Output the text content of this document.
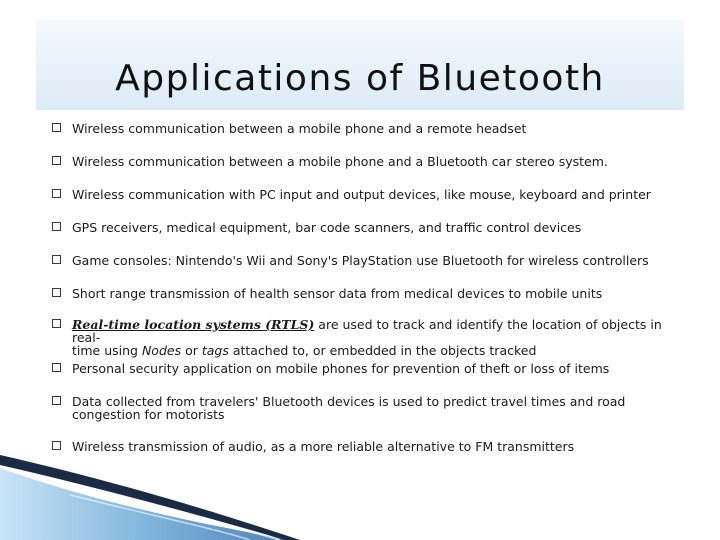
Applications of Bluetooth
Wireless communication between a mobile phone and a remote headset
Wireless communication between a mobile phone and a Bluetooth car stereo system.
Wireless communication with PC input and output devices, like mouse, keyboard and printer
GPS receivers, medical equipment, bar code scanners, and traffic control devices
Game consoles: Nintendo's Wii and Sony's PlayStation use Bluetooth for wireless controllers
Short range transmission of health sensor data from medical devices to mobile units
Real-time location systems (RTLS) are used to track and identify the location of objects in real-
time using Nodes or tags attached to, or embedded in the objects tracked
Personal security application on mobile phones for prevention of theft or loss of items
Data collected from travelers' Bluetooth devices is used to predict travel times and road
congestion for motorists
Wireless transmission of audio, as a more reliable alternative to FM transmitters
